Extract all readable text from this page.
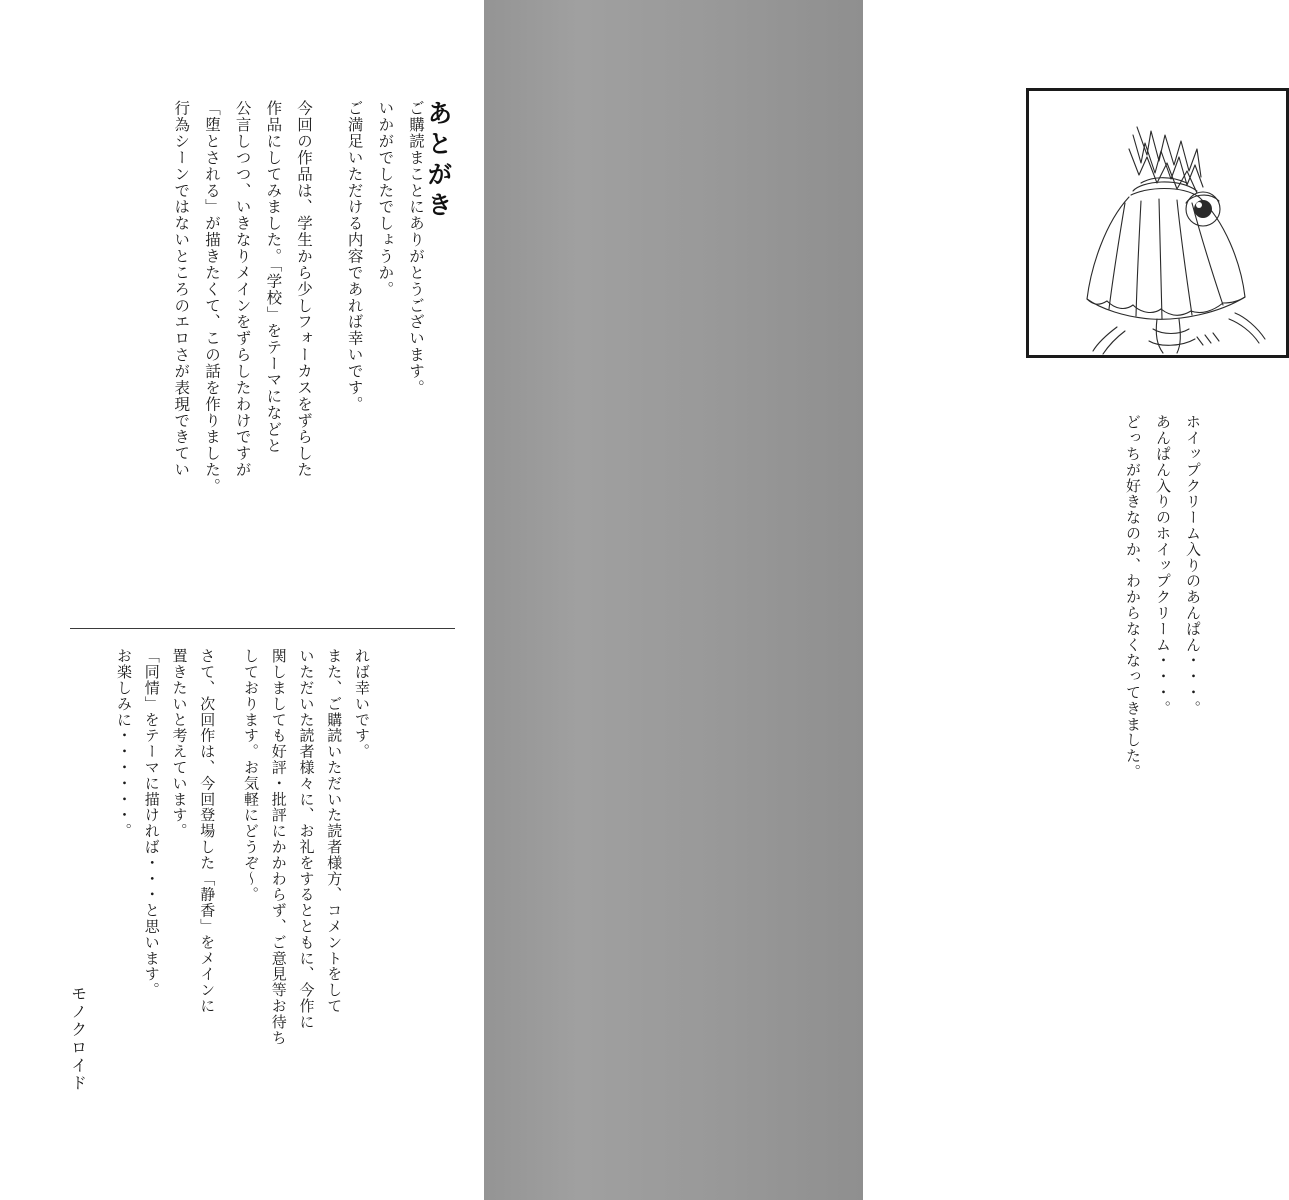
あとがき
ご購読まことにありがとうございます。
いかがでしたでしょうか。
ご満足いただける内容であれば幸いです。
今回の作品は、学生から少しフォーカスをずらした
作品にしてみました。「学校」をテーマになどと
公言しつつ、いきなりメインをずらしたわけですが
「堕とされる」が描きたくて、この話を作りました。
行為シーンではないところのエロさが表現できてい
れば幸いです。
また、ご購読いただいた読者様方、コメントをして
いただいた読者様々に、お礼をするとともに、今作に
関しましても好評・批評にかかわらず、ご意見等お待ち
しております。お気軽にどうぞ〜。
さて、次回作は、今回登場した「静香」をメインに
置きたいと考えています。
「同情」をテーマに描ければ・・・と思います。
お楽しみに・・・・・・。
モノクロイド
ホイップクリーム入りのあんぱん・・・。
あんぱん入りのホイップクリーム・・・。
どっちが好きなのか、わからなくなってきました。
